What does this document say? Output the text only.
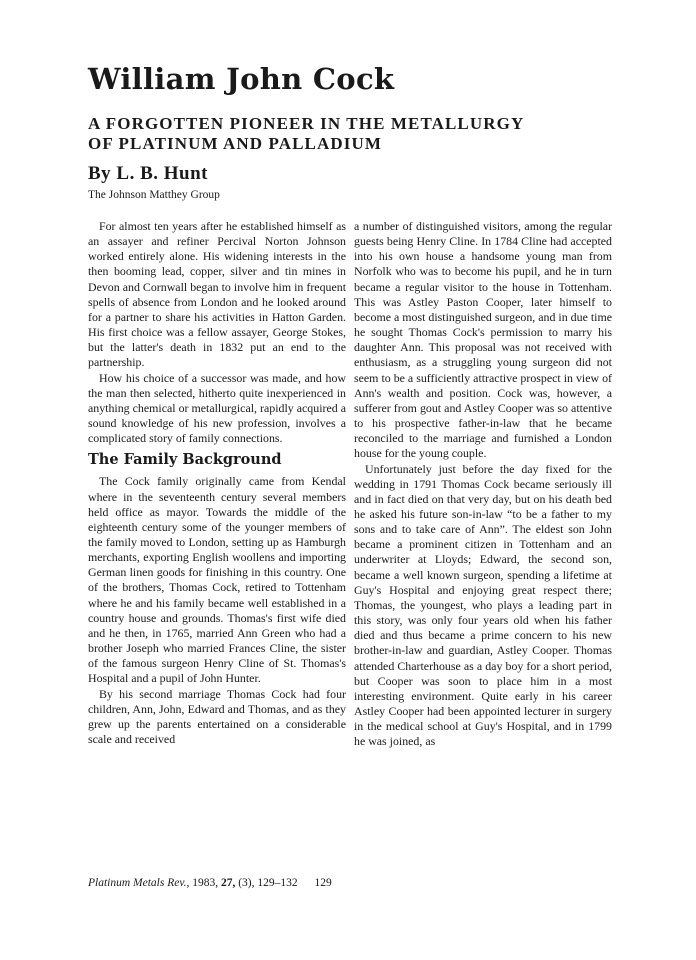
William John Cock
A FORGOTTEN PIONEER IN THE METALLURGY
OF PLATINUM AND PALLADIUM
By L. B. Hunt
The Johnson Matthey Group

For almost ten years after he established himself as an assayer and refiner Percival Norton Johnson worked entirely alone. His widening interests in the then booming lead, copper, silver and tin mines in Devon and Cornwall began to involve him in frequent spells of absence from London and he looked around for a partner to share his activities in Hatton Garden. His first choice was a fellow assayer, George Stokes, but the latter's death in 1832 put an end to the partnership.

How his choice of a successor was made, and how the man then selected, hitherto quite inexperienced in anything chemical or metallurgical, rapidly acquired a sound knowledge of his new profession, involves a complicated story of family connections.

The Family Background

The Cock family originally came from Kendal where in the seventeenth century several members held office as mayor. Towards the middle of the eighteenth century some of the younger members of the family moved to London, setting up as Hamburgh merchants, exporting English woollens and importing German linen goods for finishing in this country. One of the brothers, Thomas Cock, retired to Tottenham where he and his family became well established in a country house and grounds. Thomas's first wife died and he then, in 1765, married Ann Green who had a brother Joseph who married Frances Cline, the sister of the famous surgeon Henry Cline of St. Thomas's Hospital and a pupil of John Hunter.

By his second marriage Thomas Cock had four children, Ann, John, Edward and Thomas, and as they grew up the parents entertained on a considerable scale and received

a number of distinguished visitors, among the regular guests being Henry Cline. In 1784 Cline had accepted into his own house a handsome young man from Norfolk who was to become his pupil, and he in turn became a regular visitor to the house in Tottenham. This was Astley Paston Cooper, later himself to become a most distinguished surgeon, and in due time he sought Thomas Cock's permission to marry his daughter Ann. This proposal was not received with enthusiasm, as a struggling young surgeon did not seem to be a sufficiently attractive prospect in view of Ann's wealth and position. Cock was, however, a sufferer from gout and Astley Cooper was so attentive to his prospective father-in-law that he became reconciled to the marriage and furnished a London house for the young couple.

Unfortunately just before the day fixed for the wedding in 1791 Thomas Cock became seriously ill and in fact died on that very day, but on his death bed he asked his future son-in-law “to be a father to my sons and to take care of Ann”. The eldest son John became a prominent citizen in Tottenham and an underwriter at Lloyds; Edward, the second son, became a well known surgeon, spending a lifetime at Guy's Hospital and enjoying great respect there; Thomas, the youngest, who plays a leading part in this story, was only four years old when his father died and thus became a prime concern to his new brother-in-law and guardian, Astley Cooper. Thomas attended Charterhouse as a day boy for a short period, but Cooper was soon to place him in a most interesting environment. Quite early in his career Astley Cooper had been appointed lecturer in surgery in the medical school at Guy's Hospital, and in 1799 he was joined, as

Platinum Metals Rev., 1983, 27, (3), 129–132 129
